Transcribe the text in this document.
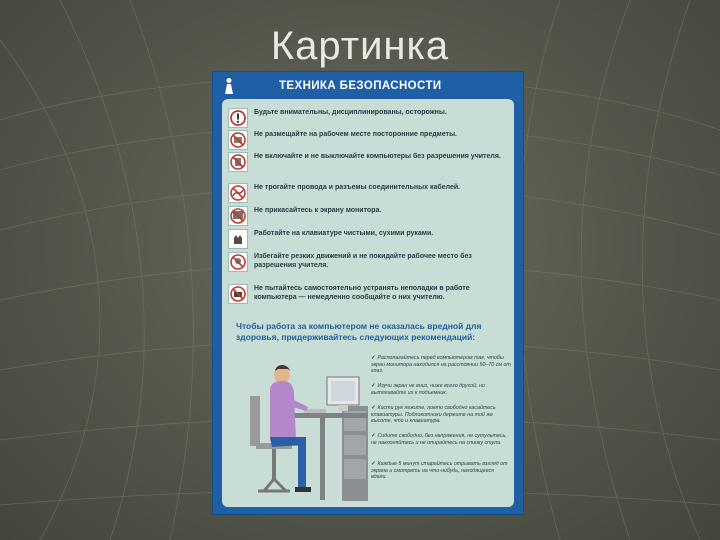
Картинка
ТЕХНИКА БЕЗОПАСНОСТИ
Будьте внимательны, дисциплинированы, осторожны.
Не размещайте на рабочем месте посторонние предметы.
Не включайте и не выключайте компьютеры без разрешения учителя.
Не трогайте провода и разъемы соединительных кабелей.
Не прикасайтесь к экрану монитора.
Работайте на клавиатуре чистыми, сухими руками.
Избегайте резких движений и не покидайте рабочее место без разрешения учителя.
Не пытайтесь самостоятельно устранять неполадки в работе компьютера — немедленно сообщайте о них учителю.
Чтобы работа за компьютером не оказалась вредной для здоровья, придерживайтесь следующих рекомендаций:
✓ Располагайтесь перед компьютером так, чтобы экран монитора находился на расстоянии 50–70 см от глаз.
✓ Изучи экран не вниз, ниже всего другой, но вытягивайте их к подъемник.
✓ Кисти рук лежите, локти свободно касайтесь клавиатуры. Подлокотники держите на той же высоте, что и клавиатура.
✓ Сидите свободно, без напряжения, не сутультесь, не наклоняйтесь и не опирайтесь на спинку стула.
✓ Каждые 5 минут старайтесь отрывать взгляд от экрана и смотреть на что-нибудь, находящееся вдали.
